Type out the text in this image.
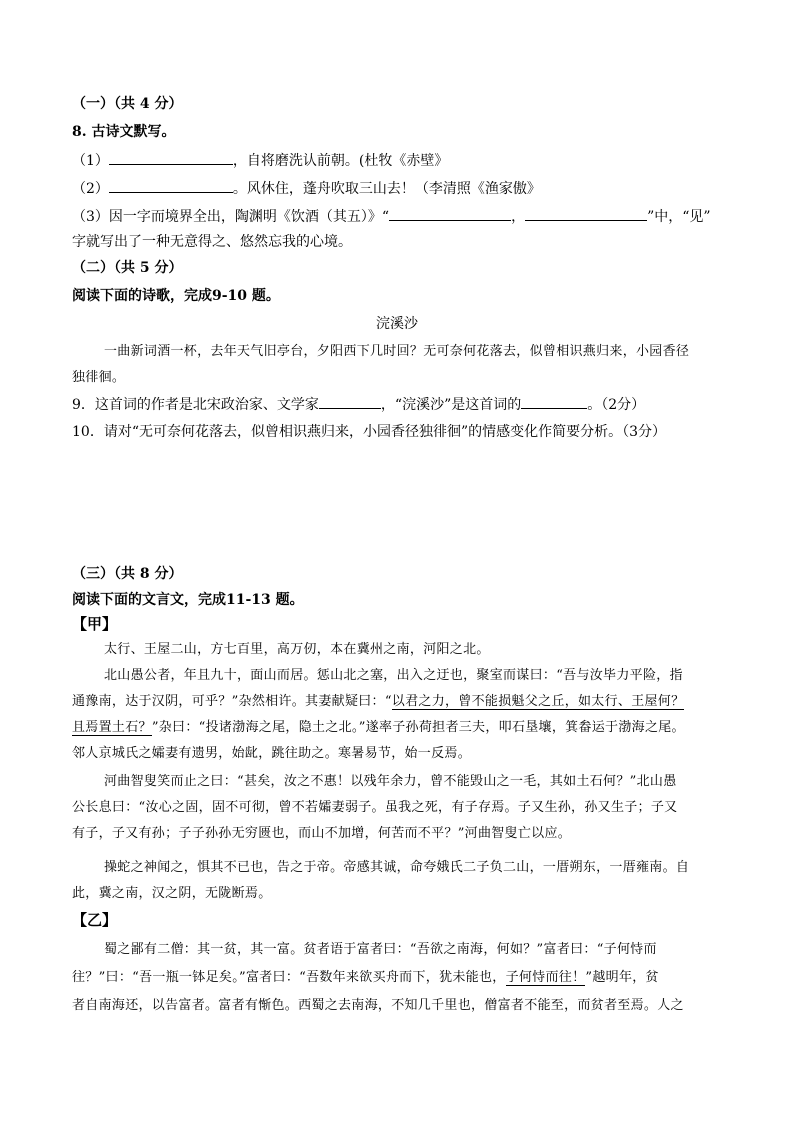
（一）（共 4 分）
8. 古诗文默写。
（1）	，自将磨洗认前朝。(杜牧《赤壁》
（2）	。风休住，蓬舟吹取三山去！（李清照《渔家傲》
（3）因一字而境界全出，陶渊明《饮酒（其五）》“	，	”中，“见”
字就写出了一种无意得之、悠然忘我的心境。
（二）（共 5 分）
阅读下面的诗歌，完成9-10 题。
浣溪沙
一曲新词酒一杯，去年天气旧亭台，夕阳西下几时回？无可奈何花落去，似曾相识燕归来，小园香径
独徘徊。
9．这首词的作者是北宋政治家、文学家	，“浣溪沙”是这首词的	。（2分）
10．请对“无可奈何花落去，似曾相识燕归来，小园香径独徘徊”的情感变化作简要分析。（3分）
（三）（共 8 分）
阅读下面的文言文，完成11-13 题。
【甲】
太行、王屋二山，方七百里，高万仞，本在冀州之南，河阳之北。
北山愚公者，年且九十，面山而居。惩山北之塞，出入之迂也，聚室而谋曰：“吾与汝毕力平险，指
通豫南，达于汉阴，可乎？”杂然相许。其妻献疑曰：“以君之力，曾不能损魁父之丘，如太行、王屋何？
且焉置土石？”杂曰：“投诸渤海之尾，隐土之北。”遂率子孙荷担者三夫，叩石垦壤，箕畚运于渤海之尾。
邻人京城氏之孀妻有遗男，始龀，跳往助之。寒暑易节，始一反焉。
河曲智叟笑而止之曰：“甚矣，汝之不惠！以残年余力，曾不能毁山之一毛，其如土石何？”北山愚
公长息曰：“汝心之固，固不可彻，曾不若孀妻弱子。虽我之死，有子存焉。子又生孙，孙又生子；子又
有子，子又有孙；子子孙孙无穷匮也，而山不加增，何苦而不平？”河曲智叟亡以应。
操蛇之神闻之，惧其不已也，告之于帝。帝感其诚，命夸娥氏二子负二山，一厝朔东，一厝雍南。自
此，冀之南，汉之阴，无陇断焉。
【乙】
蜀之鄙有二僧：其一贫，其一富。贫者语于富者曰：“吾欲之南海，何如？”富者曰：“子何恃而
往？”曰：“吾一瓶一钵足矣。”富者曰：“吾数年来欲买舟而下，犹未能也，子何恃而往！”越明年，贫
者自南海还，以告富者。富者有惭色。西蜀之去南海，不知几千里也，僧富者不能至，而贫者至焉。人之
